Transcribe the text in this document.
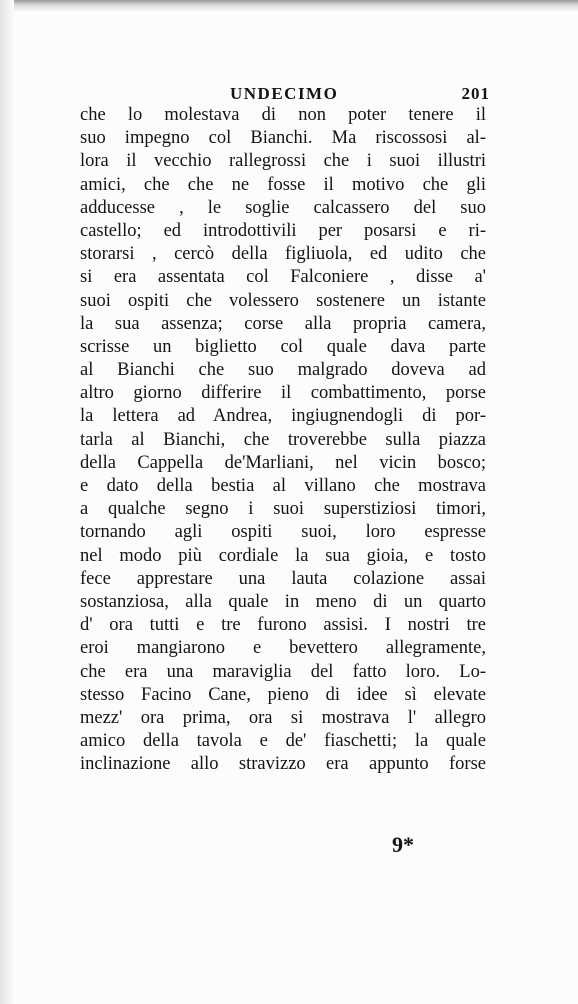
UNDECIMO	201
che lo molestava di non poter tenere il
suo impegno col Bianchi. Ma riscossosi al-
lora il vecchio rallegrossi che i suoi illustri
amici, che che ne fosse il motivo che gli
adducesse , le soglie calcassero del suo
castello; ed introdottivili per posarsi e ri-
storarsi , cercò della figliuola, ed udito che
si era assentata col Falconiere , disse a'
suoi ospiti che volessero sostenere un istante
la sua assenza; corse alla propria camera,
scrisse un biglietto col quale dava parte
al Bianchi che suo malgrado doveva ad
altro giorno differire il combattimento, porse
la lettera ad Andrea, ingiugnendogli di por-
tarla al Bianchi, che troverebbe sulla piazza
della Cappella de'Marliani, nel vicin bosco;
e dato della bestia al villano che mostrava
a qualche segno i suoi superstiziosi timori,
tornando agli ospiti suoi, loro espresse
nel modo più cordiale la sua gioia, e tosto
fece apprestare una lauta colazione assai
sostanziosa, alla quale in meno di un quarto
d' ora tutti e tre furono assisi. I nostri tre
eroi mangiarono e bevettero allegramente,
che era una maraviglia del fatto loro. Lo-
stesso Facino Cane, pieno di idee sì elevate
mezz' ora prima, ora si mostrava l' allegro
amico della tavola e de' fiaschetti; la quale
inclinazione allo stravizzo era appunto forse
9*
